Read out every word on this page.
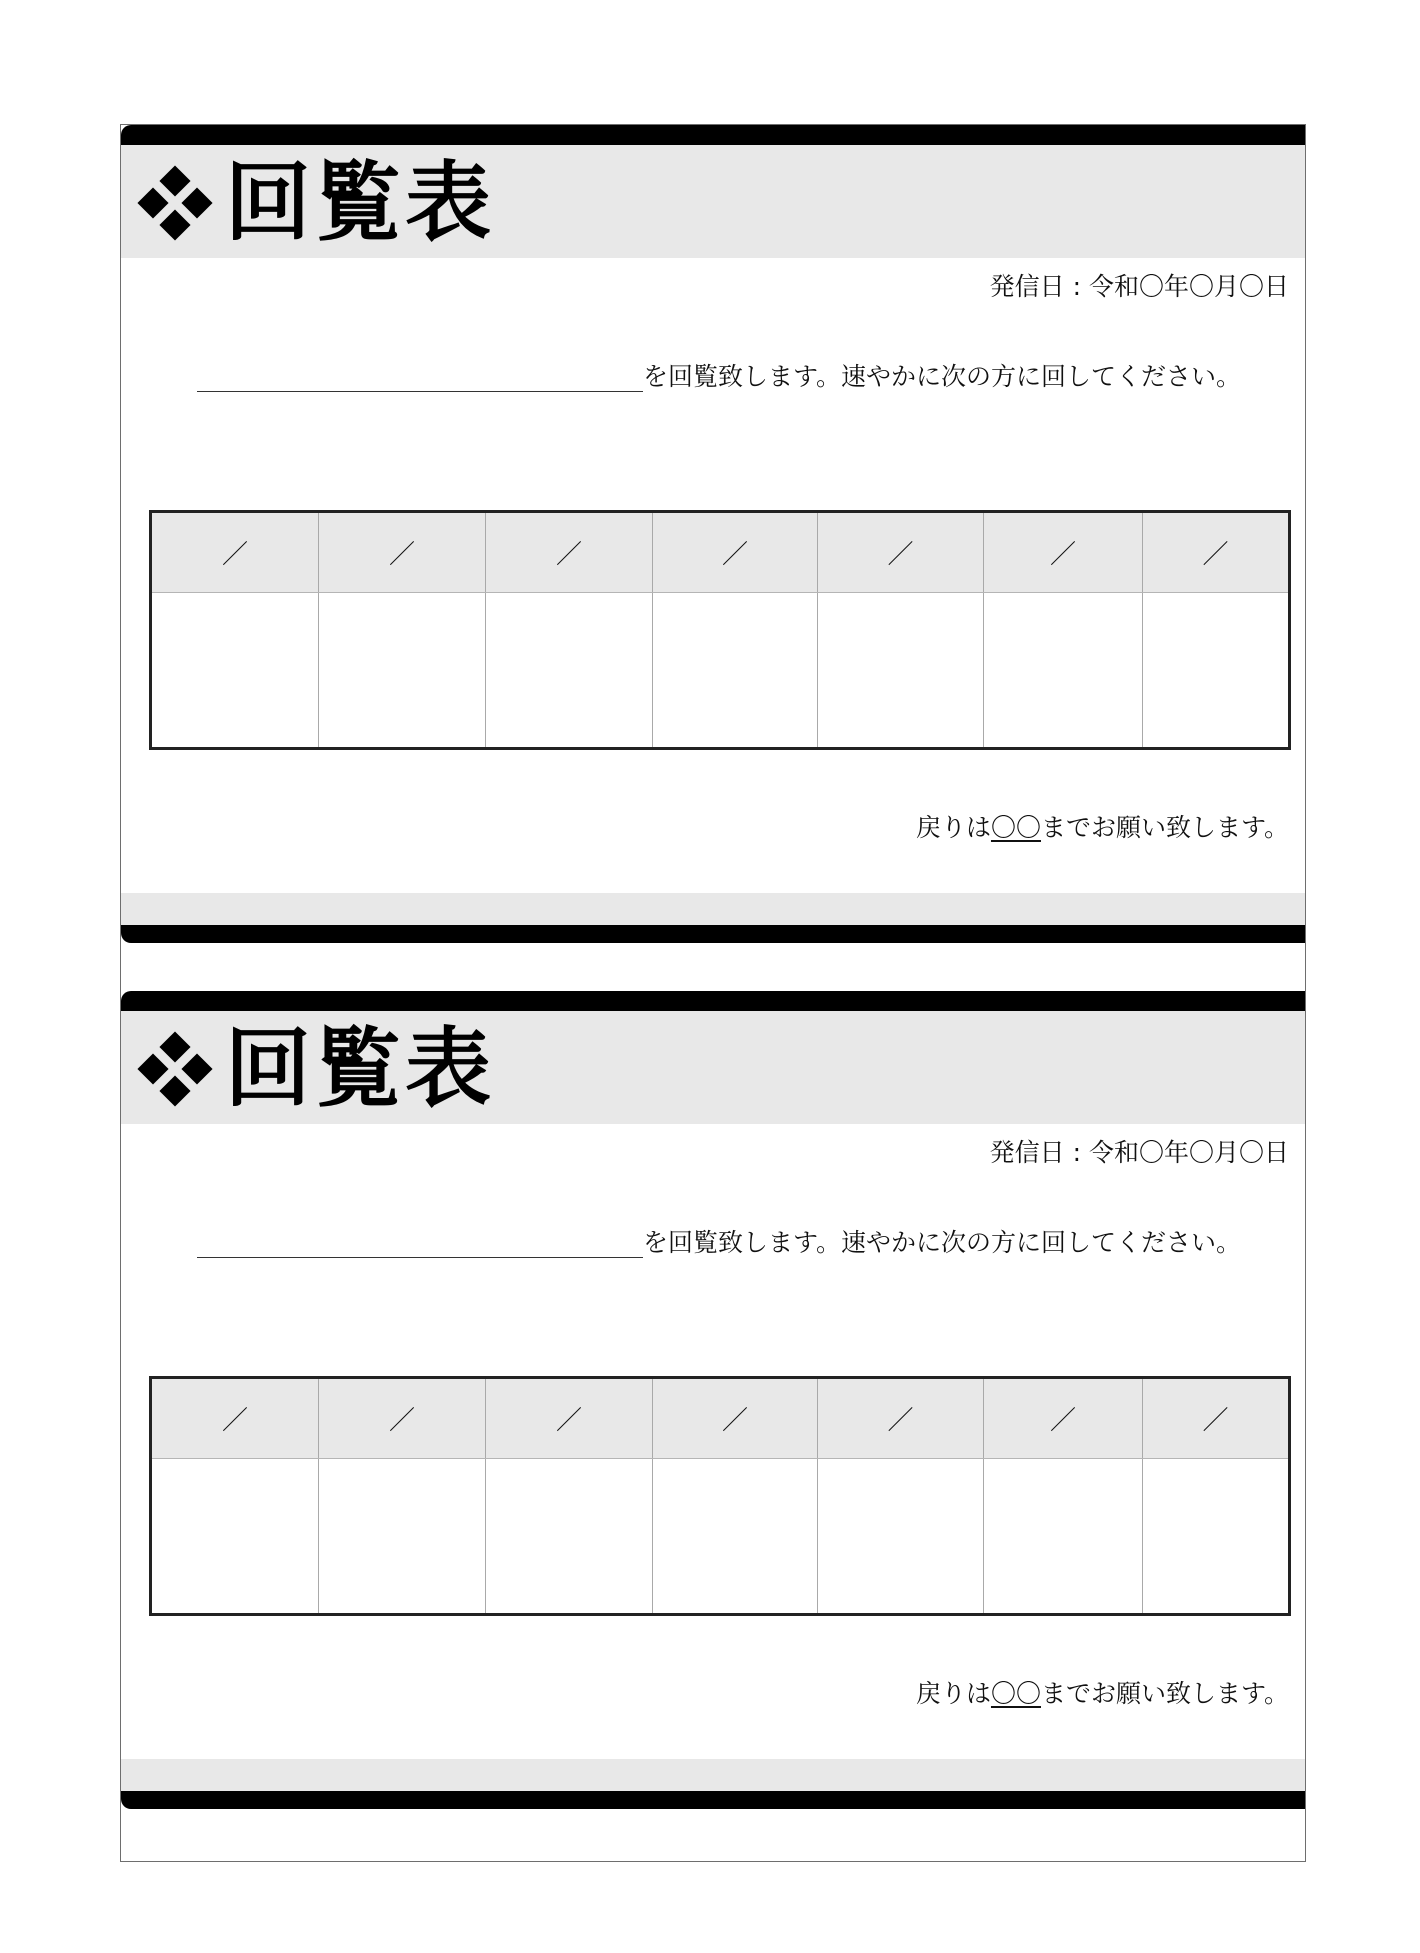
回覧表
発信日 : 令和〇年〇月〇日
を回覧致します。速やかに次の方に回してください。
／	／	／	／	／	／	／

戻りは〇〇までお願い致します。
回覧表
発信日 : 令和〇年〇月〇日
を回覧致します。速やかに次の方に回してください。
／	／	／	／	／	／	／

戻りは〇〇までお願い致します。
